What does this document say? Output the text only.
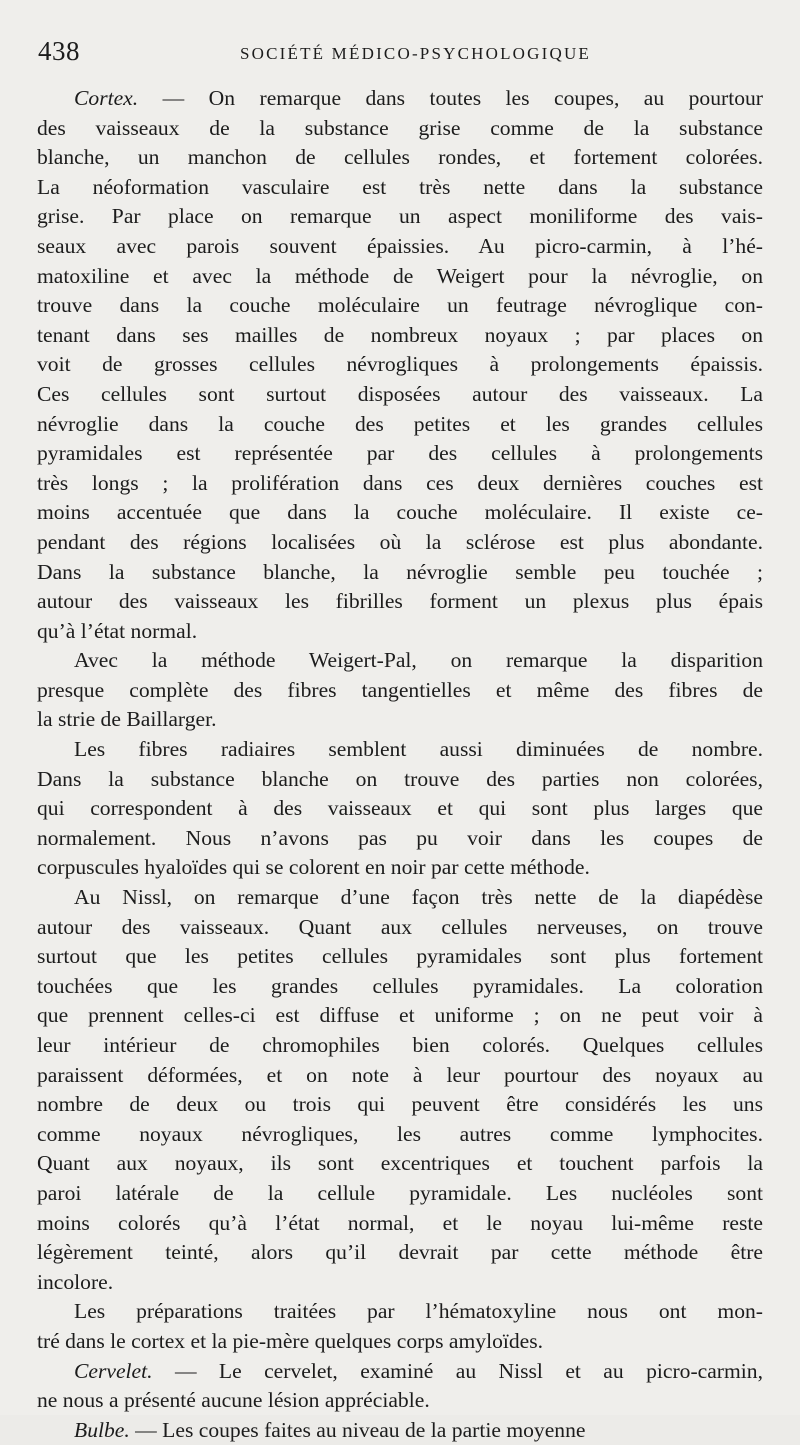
438	SOCIÉTÉ MÉDICO-PSYCHOLOGIQUE
Cortex. — On remarque dans toutes les coupes, au pourtour
des vaisseaux de la substance grise comme de la substance
blanche, un manchon de cellules rondes, et fortement colorées.
La néoformation vasculaire est très nette dans la substance
grise. Par place on remarque un aspect moniliforme des vais-
seaux avec parois souvent épaissies. Au picro-carmin, à l’hé-
matoxiline et avec la méthode de Weigert pour la névroglie, on
trouve dans la couche moléculaire un feutrage névroglique con-
tenant dans ses mailles de nombreux noyaux ; par places on
voit de grosses cellules névrogliques à prolongements épaissis.
Ces cellules sont surtout disposées autour des vaisseaux. La
névroglie dans la couche des petites et les grandes cellules
pyramidales est représentée par des cellules à prolongements
très longs ; la prolifération dans ces deux dernières couches est
moins accentuée que dans la couche moléculaire. Il existe ce-
pendant des régions localisées où la sclérose est plus abondante.
Dans la substance blanche, la névroglie semble peu touchée ;
autour des vaisseaux les fibrilles forment un plexus plus épais
qu’à l’état normal.
Avec la méthode Weigert-Pal, on remarque la disparition
presque complète des fibres tangentielles et même des fibres de
la strie de Baillarger.
Les fibres radiaires semblent aussi diminuées de nombre.
Dans la substance blanche on trouve des parties non colorées,
qui correspondent à des vaisseaux et qui sont plus larges que
normalement. Nous n’avons pas pu voir dans les coupes de
corpuscules hyaloïdes qui se colorent en noir par cette méthode.
Au Nissl, on remarque d’une façon très nette de la diapédèse
autour des vaisseaux. Quant aux cellules nerveuses, on trouve
surtout que les petites cellules pyramidales sont plus fortement
touchées que les grandes cellules pyramidales. La coloration
que prennent celles-ci est diffuse et uniforme ; on ne peut voir à
leur intérieur de chromophiles bien colorés. Quelques cellules
paraissent déformées, et on note à leur pourtour des noyaux au
nombre de deux ou trois qui peuvent être considérés les uns
comme noyaux névrogliques, les autres comme lymphocites.
Quant aux noyaux, ils sont excentriques et touchent parfois la
paroi latérale de la cellule pyramidale. Les nucléoles sont
moins colorés qu’à l’état normal, et le noyau lui-même reste
légèrement teinté, alors qu’il devrait par cette méthode être
incolore.
Les préparations traitées par l’hématoxyline nous ont mon-
tré dans le cortex et la pie-mère quelques corps amyloïdes.
Cervelet. — Le cervelet, examiné au Nissl et au picro-carmin,
ne nous a présenté aucune lésion appréciable.
Bulbe. — Les coupes faites au niveau de la partie moyenne
